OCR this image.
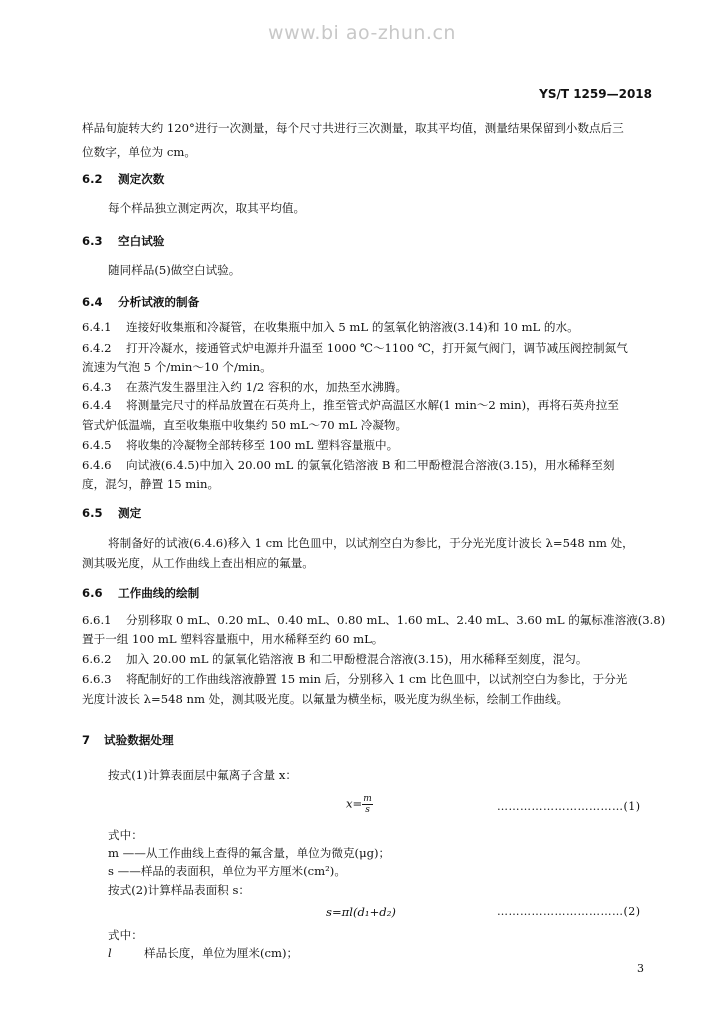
www.bi ao-zhun.cn
YS/T 1259—2018
样品旬旋转大约 120°进行一次测量，每个尺寸共进行三次测量，取其平均值，测量结果保留到小数点后三
位数字，单位为 cm。
6.2 测定次数
每个样品独立测定两次，取其平均值。
6.3 空白试验
随同样品(5)做空白试验。
6.4 分析试液的制备
6.4.1 连接好收集瓶和冷凝管，在收集瓶中加入 5 mL 的氢氧化钠溶液(3.14)和 10 mL 的水。
6.4.2 打开冷凝水，接通管式炉电源并升温至 1000 ℃～1100 ℃，打开氮气阀门，调节减压阀控制氮气
流速为气泡 5 个/min～10 个/min。
6.4.3 在蒸汽发生器里注入约 1/2 容积的水，加热至水沸腾。
6.4.4 将测量完尺寸的样品放置在石英舟上，推至管式炉高温区水解(1 min～2 min)，再将石英舟拉至
管式炉低温端，直至收集瓶中收集约 50 mL～70 mL 冷凝物。
6.4.5 将收集的冷凝物全部转移至 100 mL 塑料容量瓶中。
6.4.6 向试液(6.4.5)中加入 20.00 mL 的氯氧化锆溶液 B 和二甲酚橙混合溶液(3.15)，用水稀释至刻
度，混匀，静置 15 min。
6.5 测定
将制备好的试液(6.4.6)移入 1 cm 比色皿中，以试剂空白为参比，于分光光度计波长 λ=548 nm 处，
测其吸光度，从工作曲线上查出相应的氟量。
6.6 工作曲线的绘制
6.6.1 分别移取 0 mL、0.20 mL、0.40 mL、0.80 mL、1.60 mL、2.40 mL、3.60 mL 的氟标准溶液(3.8)
置于一组 100 mL 塑料容量瓶中，用水稀释至约 60 mL。
6.6.2 加入 20.00 mL 的氯氧化锆溶液 B 和二甲酚橙混合溶液(3.15)，用水稀释至刻度，混匀。
6.6.3 将配制好的工作曲线溶液静置 15 min 后，分别移入 1 cm 比色皿中，以试剂空白为参比，于分光
光度计波长 λ=548 nm 处，测其吸光度。以氟量为横坐标，吸光度为纵坐标，绘制工作曲线。
7 试验数据处理
按式(1)计算表面层中氟离子含量 x：
$x= \frac{m}{s}$	……………………………(1)
式中：
m ——从工作曲线上查得的氟含量，单位为微克(μg)；
s ——样品的表面积，单位为平方厘米(cm²)。
按式(2)计算样品表面积 s：
s=πl(d₁+d₂)	……………………………(2)
式中：
l	样品长度，单位为厘米(cm)；
3
